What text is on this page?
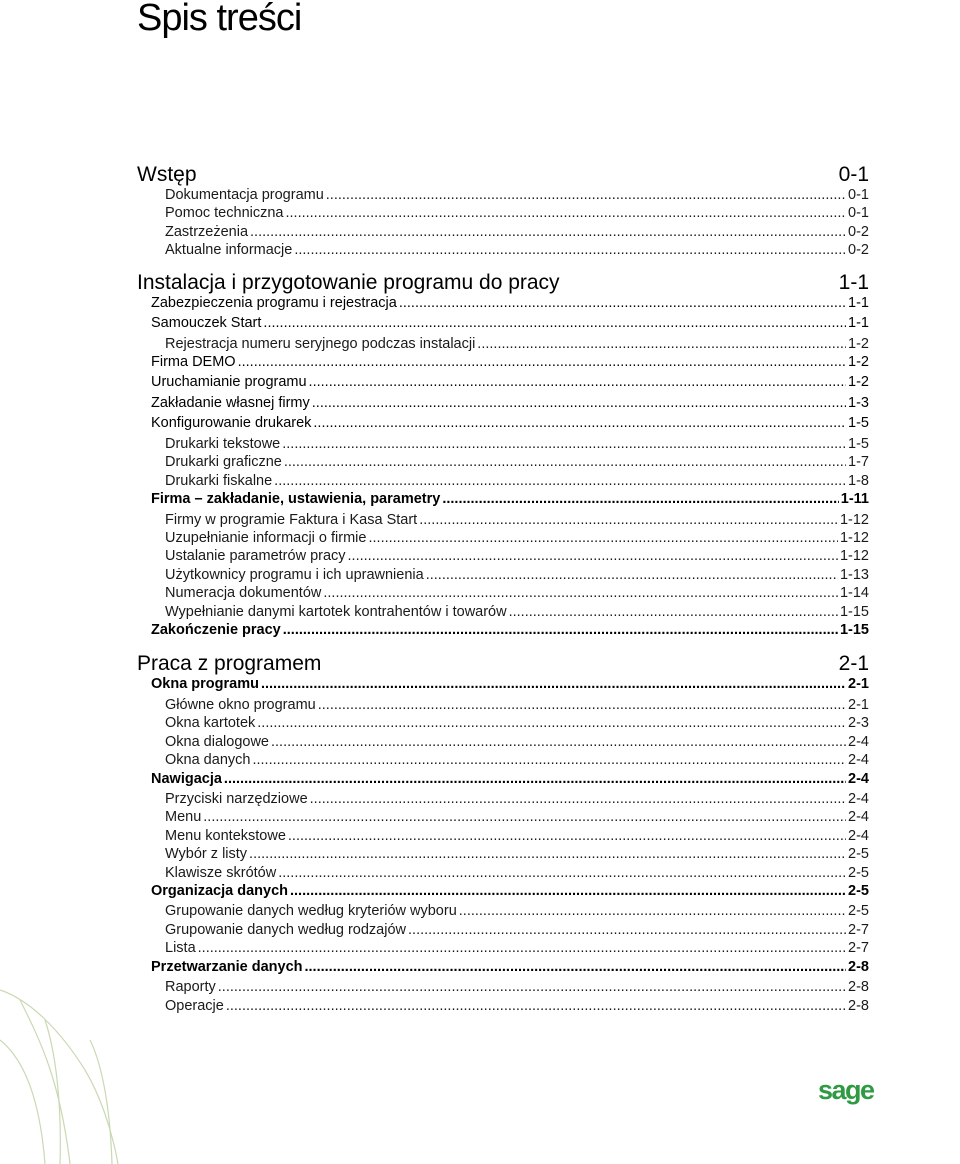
Spis treści
Wstęp	0-1
Dokumentacja programu .....	0-1
Pomoc techniczna .....	0-1
Zastrzeżenia .....	0-2
Aktualne informacje .....	0-2
Instalacja i przygotowanie programu do pracy	1-1
Zabezpieczenia programu i rejestracja .....	1-1
Samouczek Start .....	1-1
Rejestracja numeru seryjnego podczas instalacji .....	1-2
Firma DEMO .....	1-2
Uruchamianie programu .....	1-2
Zakładanie własnej firmy .....	1-3
Konfigurowanie drukarek .....	1-5
Drukarki tekstowe .....	1-5
Drukarki graficzne .....	1-7
Drukarki fiskalne .....	1-8
Firma – zakładanie, ustawienia, parametry .....	1-11
Firmy w programie Faktura i Kasa Start .....	1-12
Uzupełnianie informacji o firmie .....	1-12
Ustalanie parametrów pracy .....	1-12
Użytkownicy programu i ich uprawnienia .....	1-13
Numeracja dokumentów .....	1-14
Wypełnianie danymi kartotek kontrahentów i towarów .....	1-15
Zakończenie pracy .....	1-15
Praca z programem	2-1
Okna programu .....	2-1
Główne okno programu .....	2-1
Okna kartotek .....	2-3
Okna dialogowe .....	2-4
Okna danych .....	2-4
Nawigacja .....	2-4
Przyciski narzędziowe .....	2-4
Menu .....	2-4
Menu kontekstowe .....	2-4
Wybór z listy .....	2-5
Klawisze skrótów .....	2-5
Organizacja danych .....	2-5
Grupowanie danych według kryteriów wyboru .....	2-5
Grupowanie danych według rodzajów .....	2-7
Lista .....	2-7
Przetwarzanie danych .....	2-8
Raporty .....	2-8
Operacje .....	2-8
sage
